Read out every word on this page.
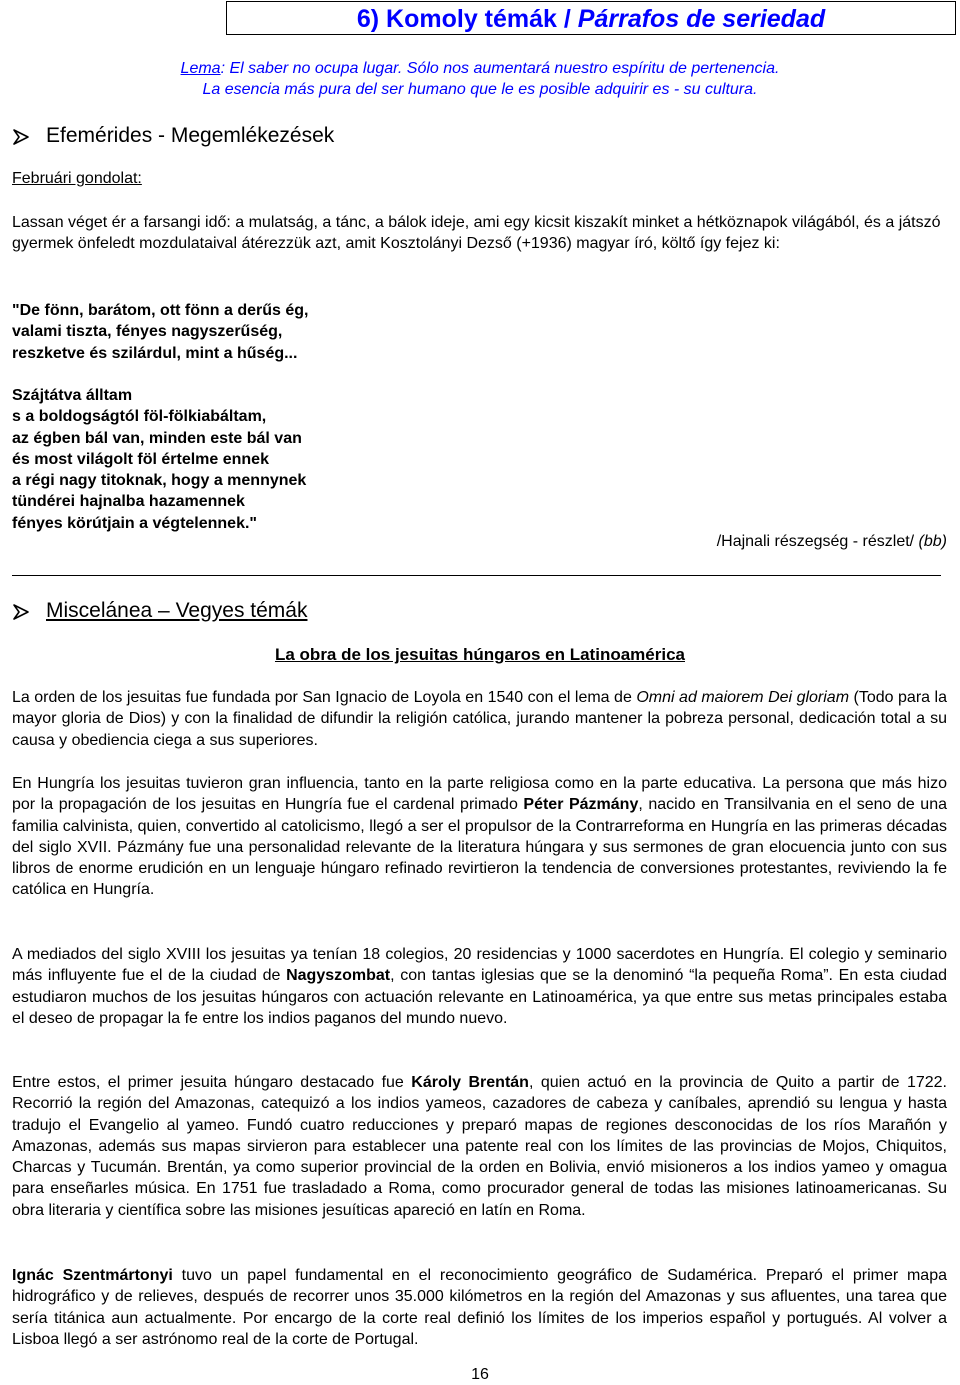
6) Komoly témák / Párrafos de seriedad
Lema: El saber no ocupa lugar. Sólo nos aumentará nuestro espíritu de pertenencia.
La esencia más pura del ser humano que le es posible adquirir es - su cultura.
Efemérides - Megemlékezések
Februári gondolat:

Lassan véget ér a farsangi idő: a mulatság, a tánc, a bálok ideje, ami egy kicsit kiszakít minket a hétköznapok világából, és a játszó gyermek önfeledt mozdulataival átérezzük azt, amit Kosztolányi Dezső (+1936) magyar író, költő így fejez ki:

"De fönn, barátom, ott fönn a derűs ég,
valami tiszta, fényes nagyszerűség,
reszketve és szilárdul, mint a hűség...
Szájtátva álltam
s a boldogságtól föl-fölkiabáltam,
az égben bál van, minden este bál van
és most világolt föl értelme ennek
a régi nagy titoknak, hogy a mennynek
tündérei hajnalba hazamennek
fényes körútjain a végtelennek."
/Hajnali részegség - részlet/ (bb)
Miscelánea – Vegyes témák
La obra de los jesuitas húngaros en Latinoamérica

La orden de los jesuitas fue fundada por San Ignacio de Loyola en 1540 con el lema de Omni ad maiorem Dei gloriam (Todo para la mayor gloria de Dios) y con la finalidad de difundir la religión católica, jurando mantener la pobreza personal, dedicación total a su causa y obediencia ciega a sus superiores.

En Hungría los jesuitas tuvieron gran influencia, tanto en la parte religiosa como en la parte educativa. La persona que más hizo por la propagación de los jesuitas en Hungría fue el cardenal primado Péter Pázmány, nacido en Transilvania en el seno de una familia calvinista, quien, convertido al catolicismo, llegó a ser el propulsor de la Contrarreforma en Hungría en las primeras décadas del siglo XVII. Pázmány fue una personalidad relevante de la literatura húngara y sus sermones de gran elocuencia junto con sus libros de enorme erudición en un lenguaje húngaro refinado revirtieron la tendencia de conversiones protestantes, reviviendo la fe católica en Hungría.

A mediados del siglo XVIII los jesuitas ya tenían 18 colegios, 20 residencias y 1000 sacerdotes en Hungría. El colegio y seminario más influyente fue el de la ciudad de Nagyszombat, con tantas iglesias que se la denominó “la pequeña Roma”. En esta ciudad estudiaron muchos de los jesuitas húngaros con actuación relevante en Latinoamérica, ya que entre sus metas principales estaba el deseo de propagar la fe entre los indios paganos del mundo nuevo.

Entre estos, el primer jesuita húngaro destacado fue Károly Brentán, quien actuó en la provincia de Quito a partir de 1722. Recorrió la región del Amazonas, catequizó a los indios yameos, cazadores de cabeza y caníbales, aprendió su lengua y hasta tradujo el Evangelio al yameo. Fundó cuatro reducciones y preparó mapas de regiones desconocidas de los ríos Marañón y Amazonas, además sus mapas sirvieron para establecer una patente real con los límites de las provincias de Mojos, Chiquitos, Charcas y Tucumán. Brentán, ya como superior provincial de la orden en Bolivia, envió misioneros a los indios yameo y omagua para enseñarles música. En 1751 fue trasladado a Roma, como procurador general de todas las misiones latinoamericanas. Su obra literaria y científica sobre las misiones jesuíticas apareció en latín en Roma.

Ignác Szentmártonyi tuvo un papel fundamental en el reconocimiento geográfico de Sudamérica. Preparó el primer mapa hidrográfico y de relieves, después de recorrer unos 35.000 kilómetros en la región del Amazonas y sus afluentes, una tarea que sería titánica aun actualmente. Por encargo de la corte real definió los límites de los imperios español y portugués. Al volver a Lisboa llegó a ser astrónomo real de la corte de Portugal.

16
